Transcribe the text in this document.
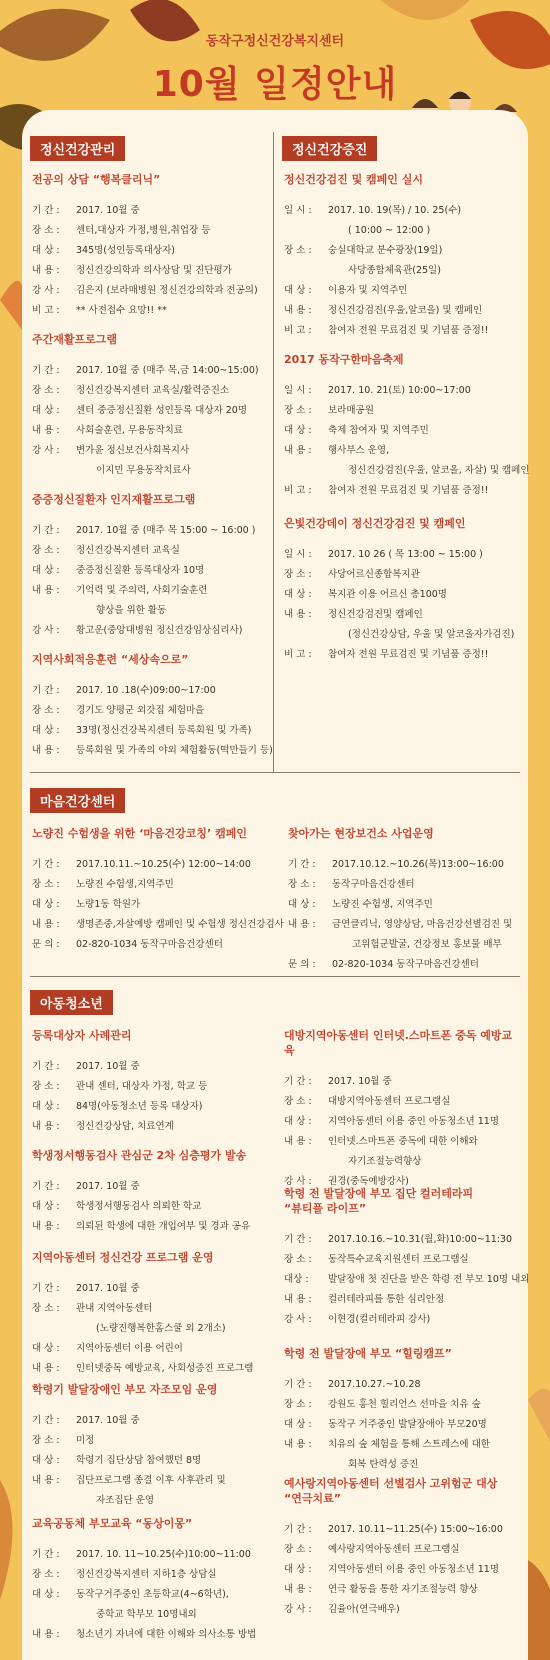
동작구정신건강복지센터
10월 일정안내
정신건강관리	정신건강증진
마음건강센터
아동청소년
전공의 상담 “행복클리닉”
기 간 :	2017. 10월 중
장 소 :	센터,대상자 가정,병원,취업장 등
대 상 :	345명(성인등록대상자)
내 용 :	정신건강의학과 의사상담 및 진단평가
강 사 :	김은지 (보라매병원 정신건강의학과 전공의)
비 고 :	** 사전접수 요망!! **
주간재활프로그램
기 간 :	2017. 10월 중 (매주 목,금 14:00~15:00)
장 소 :	정신건강복지센터 교육실/활력증진소
대 상 :	센터 중증정신질환 성인등록 대상자 20명
내 용 :	사회술훈련, 무용동작치료
강 사 :	변가윤 정신보건사회복지사
이지민 무용동작치료사
중증정신질환자 인지재활프로그램
기 간 :	2017. 10월 중 (매주 목 15:00 ~ 16:00 )
장 소 :	정신건강복지센터 교육실
대 상 :	중증정신질환 등록대상자 10명
내 용 :	기억력 및 주의력, 사회기술훈련
향상을 위한 활동
강 사 :	황고운(중앙대병원 정신건강임상심리사)
지역사회적응훈련 “세상속으로”
기 간 :	2017. 10 .18(수)09:00~17:00
장 소 :	경기도 양평군 외갓집 체험마을
대 상 :	33명(정신건강복지센터 등록회원 및 가족)
내 용 :	등록회원 및 가족의 야외 체험활동(떡만들기 등)
정신건강검진 및 캠페인 실시
일 시 :	2017. 10. 19(목) / 10. 25(수)
( 10:00 ~ 12:00 )
장 소 :	숭실대학교 분수광장(19일)
사당종합체육관(25일)
대 상 :	이용자 및 지역주민
내 용 :	정신건강검진(우울,알코올) 및 캠페인
비 고 :	참여자 전원 무료검진 및 기념품 증정!!
2017 동작구한마음축제
일 시 :	2017. 10. 21(토) 10:00~17:00
장 소 :	보라매공원
대 상 :	축제 참여자 및 지역주민
내 용 :	행사부스 운영,
정신건강검진(우울, 알코올, 자살) 및 캠페인
비 고 :	참여자 전원 무료검진 및 기념품 증정!!
은빛건강데이 정신건강검진 및 캠페인
일 시 :	2017. 10 26 ( 목 13:00 ~ 15:00 )
장 소 :	사당어르신종합복지관
대 상 :	복지관 이용 어르신 총100명
내 용 :	정신건강검진및 캠페인
(정신건강상담, 우울 및 알코올자가검진)
비 고 :	참여자 전원 무료검진 및 기념품 증정!!
노량진 수험생을 위한 ‘마음건강코칭’ 캠페인
기 간 :	2017.10.11.~10.25(수) 12:00~14:00
장 소 :	노량진 수험생,지역주민
대 상 :	노량1동 학원가
내 용 :	생명존중,자살예방 캠페인 및 수험생 정신건강검사
문 의 :	02-820-1034 동작구마음건강센터
찾아가는 현장보건소 사업운영
기 간 :	2017.10.12.~10.26(목)13:00~16:00
장 소 :	동작구마음건강센터
대 상 :	노량진 수험생, 지역주민
내 용 :	금연클리닉, 영양상담, 마음건강선별검진 및
고위험군발굴, 건강정보 홍보물 배부
문 의 :	02-820-1034 동작구마음건강센터
등록대상자 사례관리
기 간 :	2017. 10월 중
장 소 :	관내 센터, 대상자 가정, 학교 등
대 상 :	84명(아동청소년 등록 대상자)
내 용 :	정신건강상담, 치료연계
학생정서행동검사 관심군 2차 심층평가 발송
기 간 :	2017. 10월 중
대 상 :	학생정서행동검사 의뢰한 학교
내 용 :	의뢰된 학생에 대한 개입여부 및 경과 공유
지역아동센터 정신건강 프로그램 운영
기 간 :	2017. 10월 중
장 소 :	관내 지역아동센터
(노량진행복한홈스쿨 외 2개소)
대 상 :	지역아동센터 이용 어린이
내 용 :	인터넷중독 예방교육, 사회성증진 프로그램
학령기 발달장애인 부모 자조모임 운영
기 간 :	2017. 10월 중
장 소 :	미정
대 상 :	학령기 집단상담 참여했던 8명
내 용 :	집단프로그램 종결 이후 사후관리 및
자조집단 운영
교육공동체 부모교육 “동상이몽”
기 간 :	2017. 10. 11~10.25(수)10:00~11:00
장 소 :	정신건강복지센터 지하1층 상담실
대 상 :	동작구거주중인 초등학교(4~6학년),
중학교 학부모 10명내외
내 용 :	청소년기 자녀에 대한 이해와 의사소통 방법
대방지역아동센터 인터넷.스마트폰 중독 예방교육
기 간 :	2017. 10월 중
장 소 :	대방지역아동센터 프로그램실
대 상 :	지역아동센터 이용 중인 아동청소년 11명
내 용 :	인터넷.스마트폰 중독에 대한 이해와
자기조절능력향상
강 사 :	권경(중독예방강사)
학령 전 발달장애 부모 집단 컬러테라피
“뷰티플 라이프”
기 간 :	2017.10.16.~10.31(월,화)10:00~11:30
장 소 :	동작특수교육지원센터 프로그램실
대상 :	발달장애 첫 진단을 받은 학령 전 부모 10명 내외
내 용 :	컬러테라피를 통한 심리안정
강 사 :	이현경(컬러테라피 강사)
학령 전 발달장애 부모 “힐링캠프”
기 간 :	2017.10.27.~10.28
장 소 :	강원도 홍천 힐리언스 선마을 치유 숲
대 상 :	동작구 거주중인 발달장애아 부모20명
내 용 :	치유의 숲 체험을 통해 스트레스에 대한
회복 탄력성 증진
예사랑지역아동센터 선별검사 고위험군 대상
“연극치료”
기 간 :	2017. 10.11~11.25(수) 15:00~16:00
장 소 :	예사랑지역아동센터 프로그램실
대 상 :	지역아동센터 이용 중인 아동청소년 11명
내 용 :	연극 활동을 통한 자기조절능력 향상
강 사 :	김율아(연극배우)
